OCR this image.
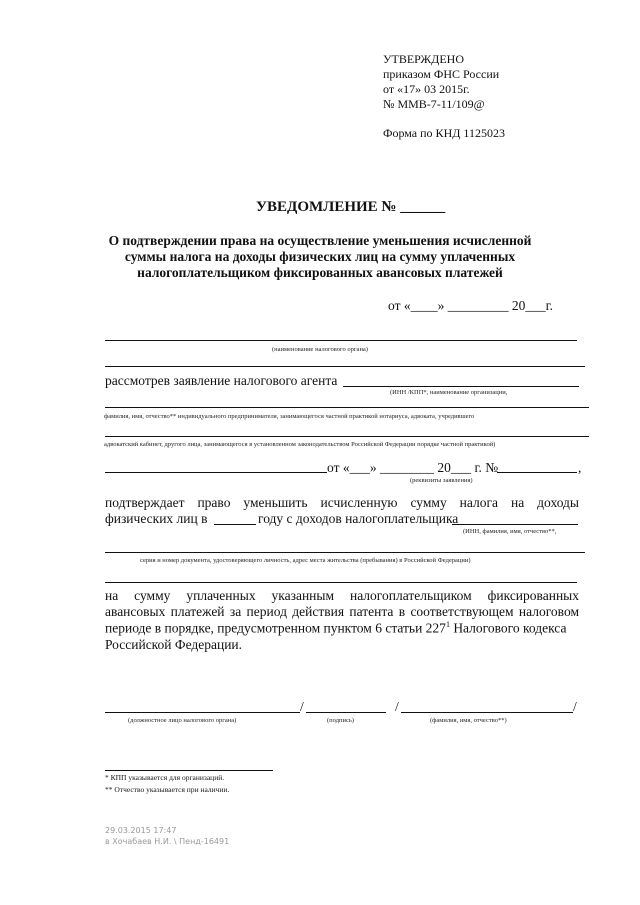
УТВЕРЖДЕНО
приказом ФНС России
от «17» 03 2015г.
№ ММВ-7-11/109@
Форма по КНД 1125023
УВЕДОМЛЕНИЕ № ______
О подтверждении права на осуществление уменьшения исчисленной
суммы налога на доходы физических лиц на сумму уплаченных
налогоплательщиком фиксированных авансовых платежей
от «____» _________ 20___г.
(наименование налогового органа)
рассмотрев заявление налогового агента
(ИНН /КПП*, наименование организации,
фамилия, имя, отчество** индивидуального предпринимателя, занимающегося частной практикой нотариуса, адвоката, учредившего
адвокатский кабинет, другого лица, занимающегося в установленном законодательством Российской Федерации порядке частной практикой)
от «___» ________ 20___ г. №	,
(реквизиты заявления)
подтверждает право уменьшить исчисленную сумму налога на доходы
физических лиц в	году с доходов налогоплательщика
(ИНН, фамилия, имя, отчество**,
серия и номер документа, удостоверяющего личность, адрес места жительства (пребывания) в Российской Федерации)
на сумму уплаченных указанным налогоплательщиком фиксированных
авансовых платежей за период действия патента в соответствующем налоговом
периоде в порядке, предусмотренном пунктом 6 статьи $227^1$ Налогового кодекса
Российской Федерации.
/	/	/
(должностное лицо налогового органа)	(подпись)	(фамилия, имя, отчество**)
* КПП указывается для организаций.
** Отчество указывается при наличии.
29.03.2015 17:47
в Хочабаев Н.И. \ Пенд-16491
